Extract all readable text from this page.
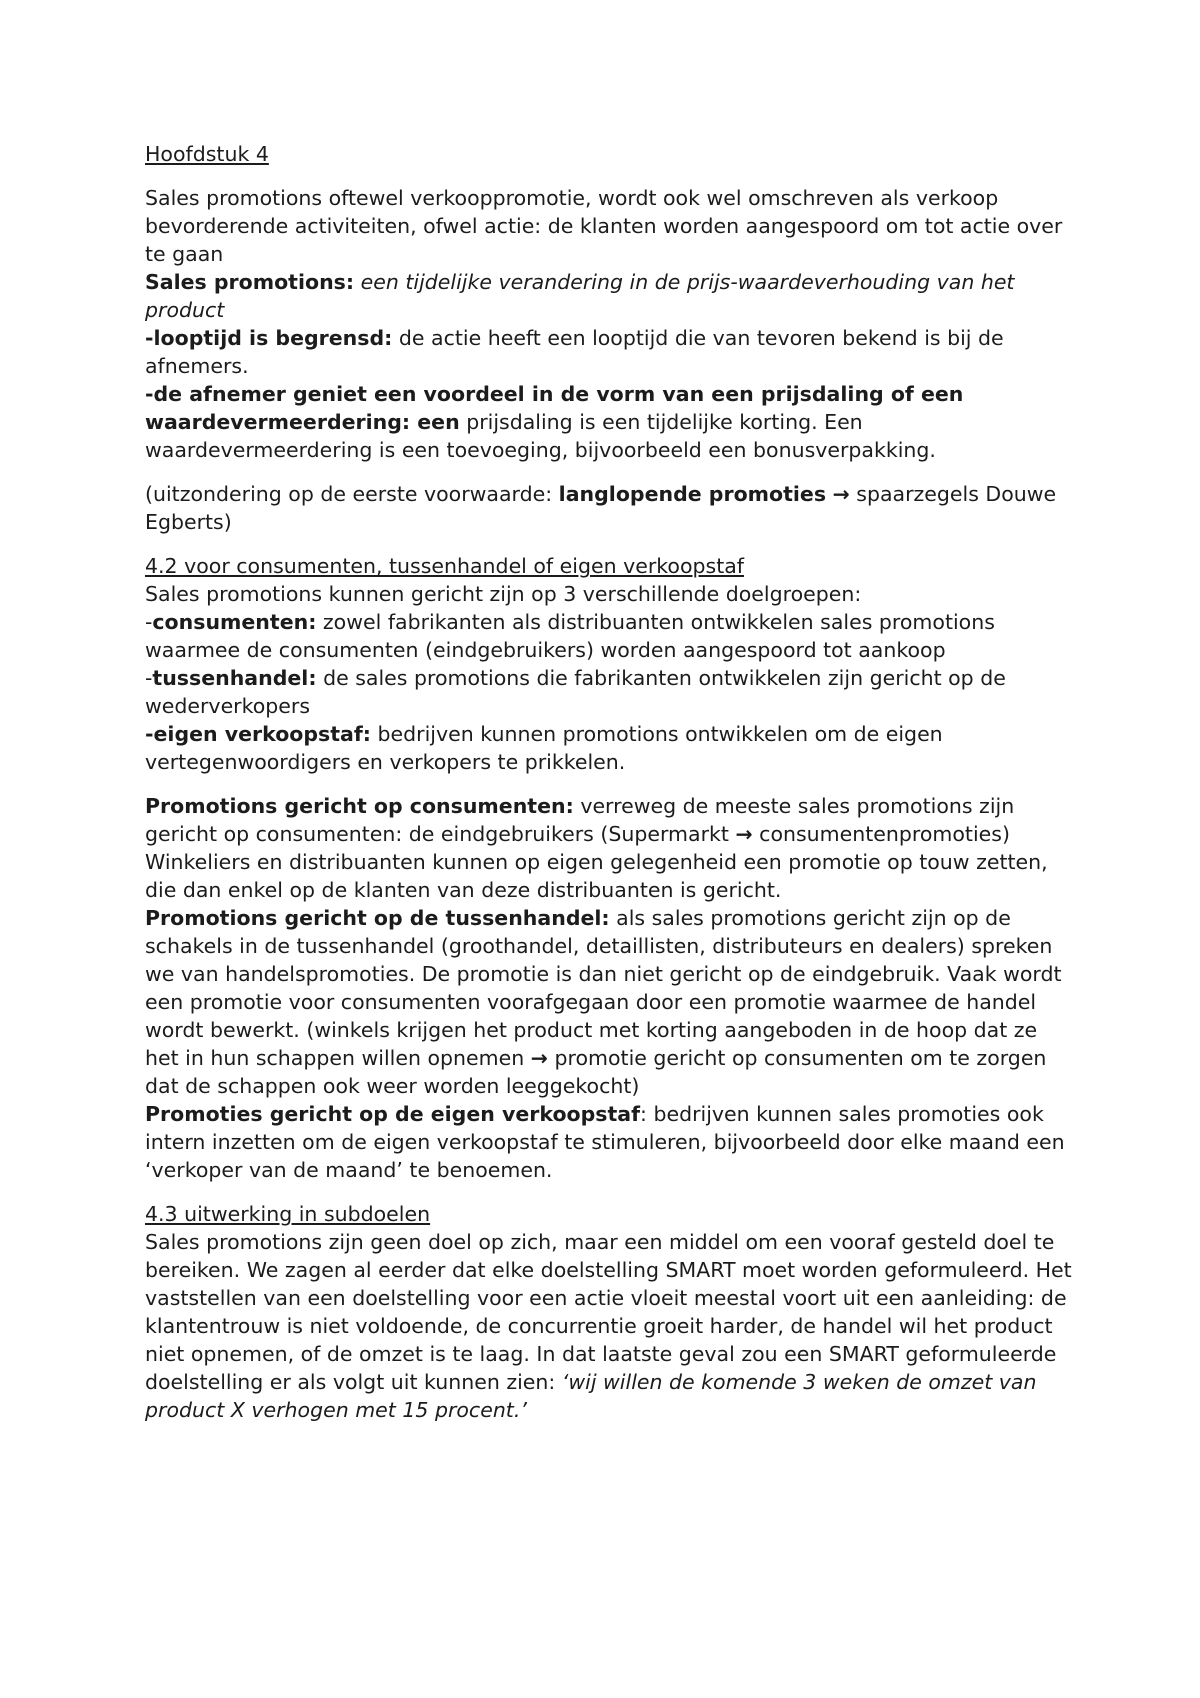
Hoofdstuk 4

Sales promotions oftewel verkooppromotie, wordt ook wel omschreven als verkoop bevorderende activiteiten, ofwel actie: de klanten worden aangespoord om tot actie over te gaan

Sales promotions: een tijdelijke verandering in de prijs-waardeverhouding van het product

-looptijd is begrensd: de actie heeft een looptijd die van tevoren bekend is bij de afnemers.

-de afnemer geniet een voordeel in de vorm van een prijsdaling of een waardevermeerdering: een prijsdaling is een tijdelijke korting. Een waardevermeerdering is een toevoeging, bijvoorbeeld een bonusverpakking.

(uitzondering op de eerste voorwaarde: langlopende promoties → spaarzegels Douwe Egberts)

4.2 voor consumenten, tussenhandel of eigen verkoopstaf

Sales promotions kunnen gericht zijn op 3 verschillende doelgroepen:

-consumenten: zowel fabrikanten als distribuanten ontwikkelen sales promotions waarmee de consumenten (eindgebruikers) worden aangespoord tot aankoop

-tussenhandel: de sales promotions die fabrikanten ontwikkelen zijn gericht op de wederverkopers

-eigen verkoopstaf: bedrijven kunnen promotions ontwikkelen om de eigen vertegenwoordigers en verkopers te prikkelen.

Promotions gericht op consumenten: verreweg de meeste sales promotions zijn gericht op consumenten: de eindgebruikers (Supermarkt → consumentenpromoties) Winkeliers en distribuanten kunnen op eigen gelegenheid een promotie op touw zetten, die dan enkel op de klanten van deze distribuanten is gericht.

Promotions gericht op de tussenhandel: als sales promotions gericht zijn op de schakels in de tussenhandel (groothandel, detaillisten, distributeurs en dealers) spreken we van handelspromoties. De promotie is dan niet gericht op de eindgebruik. Vaak wordt een promotie voor consumenten voorafgegaan door een promotie waarmee de handel wordt bewerkt. (winkels krijgen het product met korting aangeboden in de hoop dat ze het in hun schappen willen opnemen → promotie gericht op consumenten om te zorgen dat de schappen ook weer worden leeggekocht)

Promoties gericht op de eigen verkoopstaf: bedrijven kunnen sales promoties ook intern inzetten om de eigen verkoopstaf te stimuleren, bijvoorbeeld door elke maand een ‘verkoper van de maand’ te benoemen.

4.3 uitwerking in subdoelen

Sales promotions zijn geen doel op zich, maar een middel om een vooraf gesteld doel te bereiken. We zagen al eerder dat elke doelstelling SMART moet worden geformuleerd. Het vaststellen van een doelstelling voor een actie vloeit meestal voort uit een aanleiding: de klantentrouw is niet voldoende, de concurrentie groeit harder, de handel wil het product niet opnemen, of de omzet is te laag. In dat laatste geval zou een SMART geformuleerde doelstelling er als volgt uit kunnen zien: ‘wij willen de komende 3 weken de omzet van product X verhogen met 15 procent.’
